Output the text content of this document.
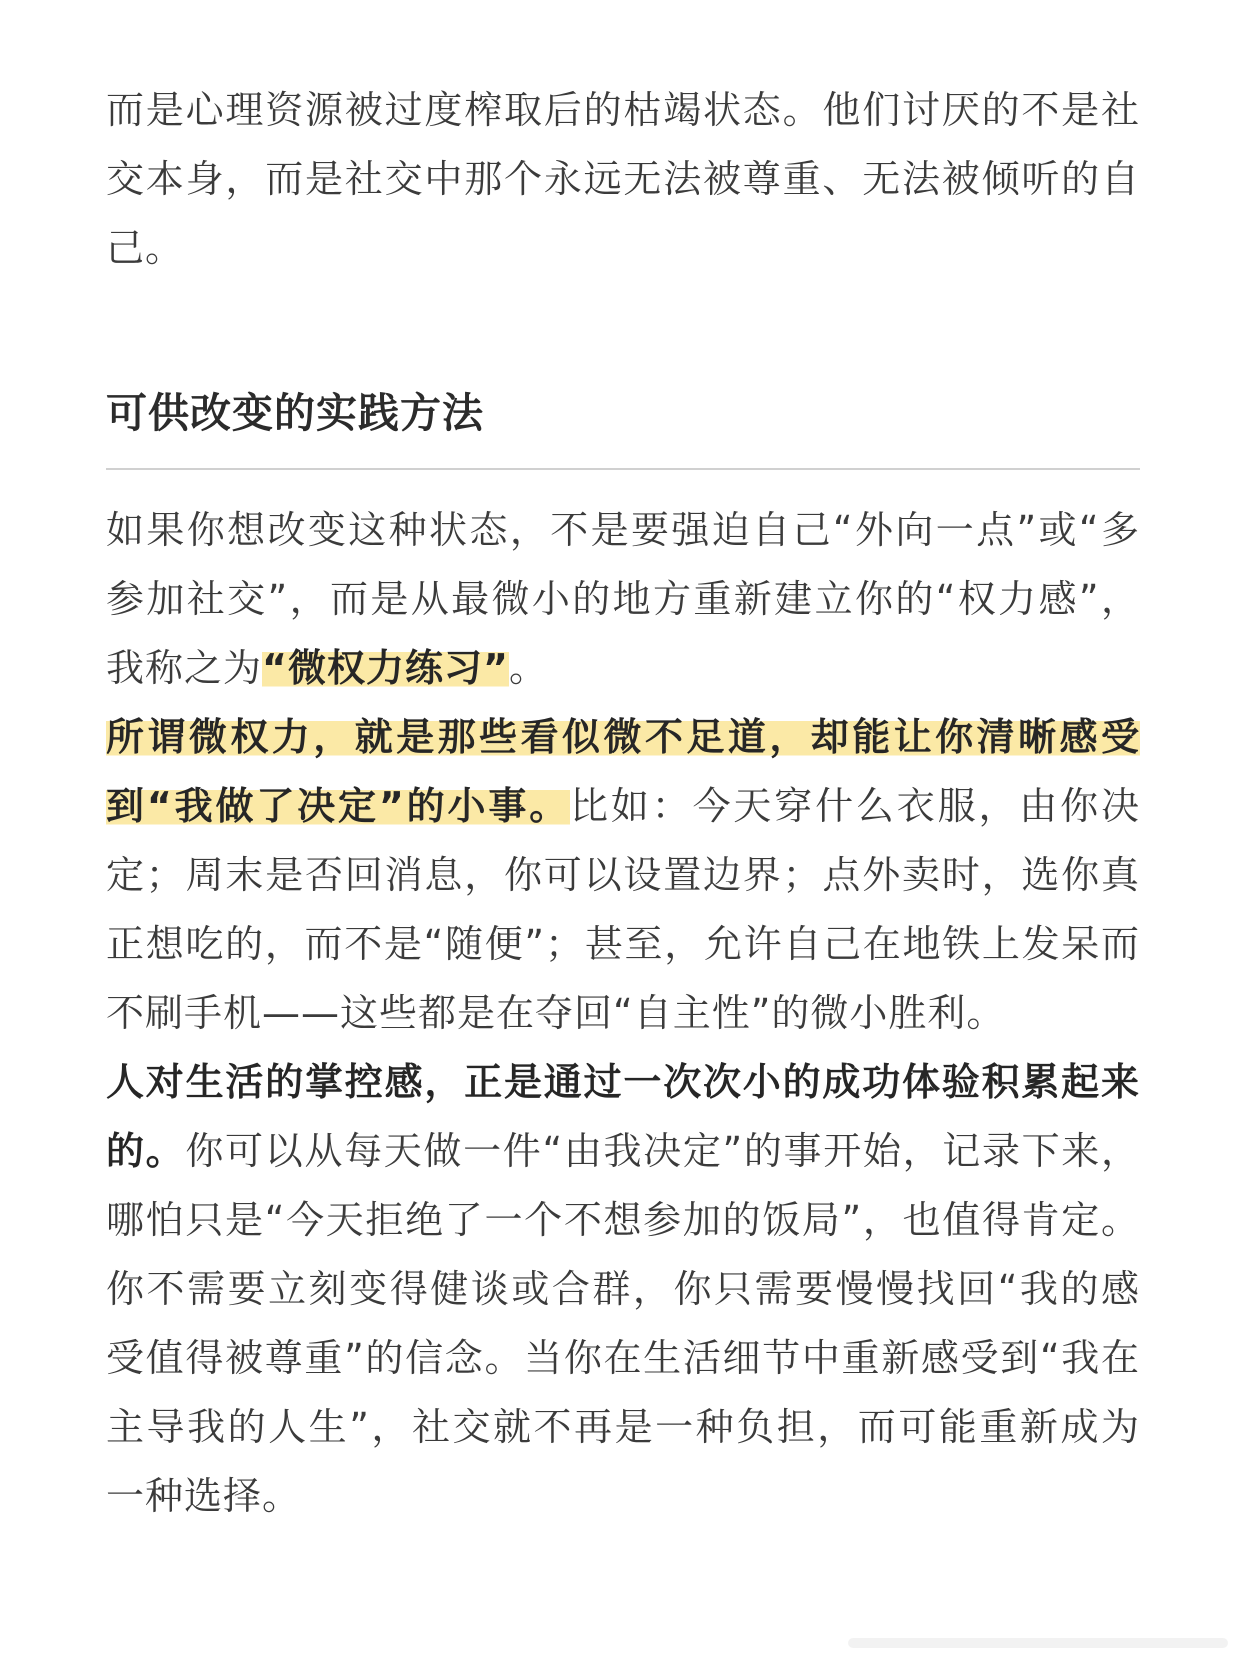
而是心理资源被过度榨取后的枯竭状态。他们讨厌的不是社交本身，而是社交中那个永远无法被尊重、无法被倾听的自己。

可供改变的实践方法

如果你想改变这种状态，不是要强迫自己“外向一点”或“多参加社交”，而是从最微小的地方重新建立你的“权力感”，我称之为“微权力练习”。

所谓微权力，就是那些看似微不足道，却能让你清晰感受到“我做了决定”的小事。比如：今天穿什么衣服，由你决定；周末是否回消息，你可以设置边界；点外卖时，选你真正想吃的，而不是“随便”；甚至，允许自己在地铁上发呆而不刷手机——这些都是在夺回“自主性”的微小胜利。

人对生活的掌控感，正是通过一次次小的成功体验积累起来的。你可以从每天做一件“由我决定”的事开始，记录下来，哪怕只是“今天拒绝了一个不想参加的饭局”，也值得肯定。你不需要立刻变得健谈或合群，你只需要慢慢找回“我的感受值得被尊重”的信念。当你在生活细节中重新感受到“我在主导我的人生”，社交就不再是一种负担，而可能重新成为一种选择。
